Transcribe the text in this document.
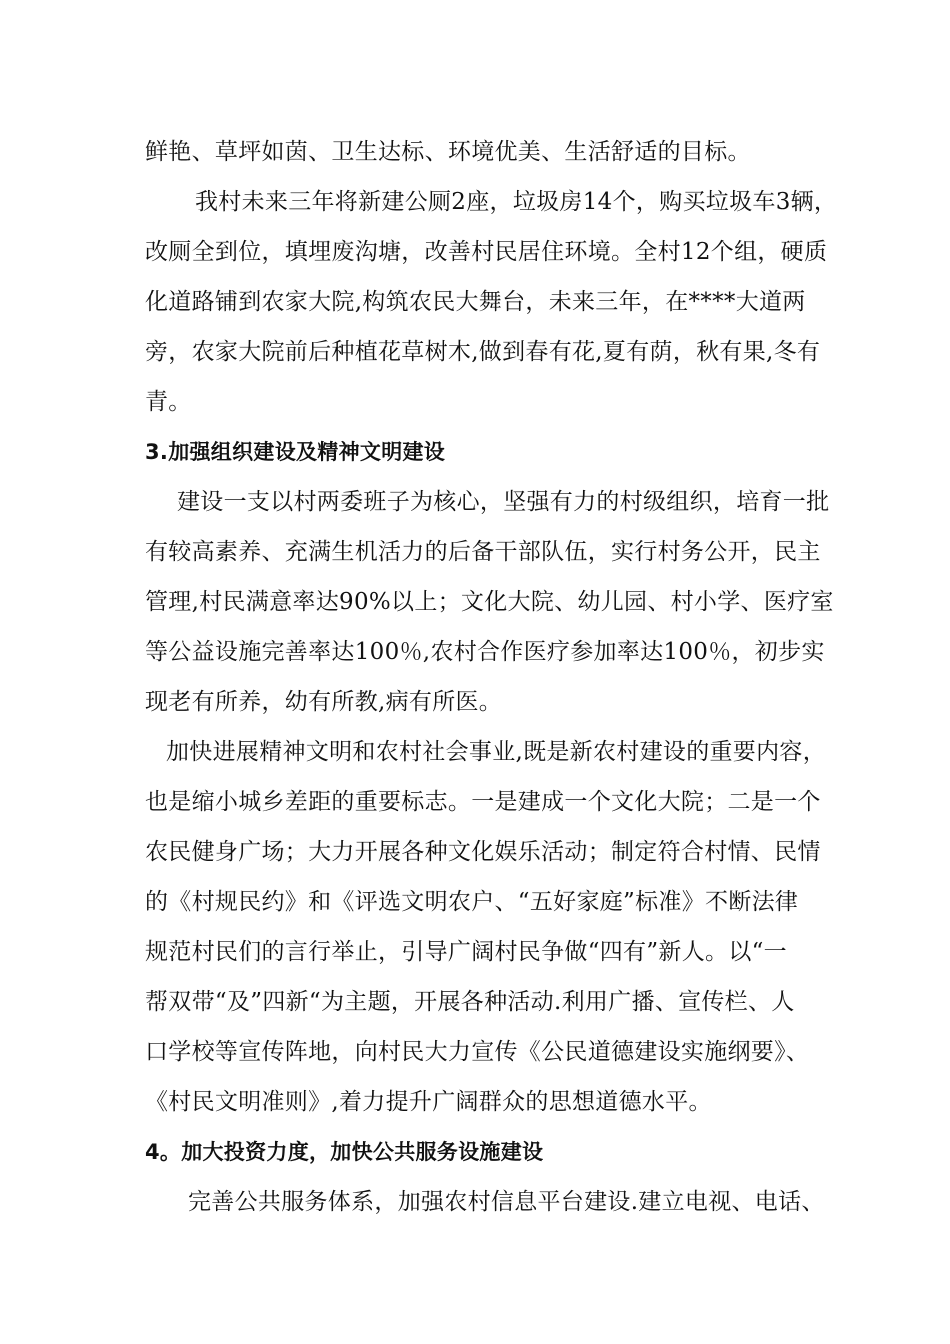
鲜艳、草坪如茵、卫生达标、环境优美、生活舒适的目标。
我村未来三年将新建公厕2座，垃圾房14个，购买垃圾车3辆，
改厕全到位，填埋废沟塘，改善村民居住环境。全村12个组，硬质
化道路铺到农家大院,构筑农民大舞台，未来三年，在****大道两
旁，农家大院前后种植花草树木,做到春有花,夏有荫，秋有果,冬有
青。
3.加强组织建设及精神文明建设
建设一支以村两委班子为核心，坚强有力的村级组织，培育一批
有较高素养、充满生机活力的后备干部队伍，实行村务公开，民主
管理,村民满意率达90%以上；文化大院、幼儿园、村小学、医疗室
等公益设施完善率达100％,农村合作医疗参加率达100％，初步实
现老有所养，幼有所教,病有所医。
加快进展精神文明和农村社会事业,既是新农村建设的重要内容，
也是缩小城乡差距的重要标志。一是建成一个文化大院；二是一个
农民健身广场；大力开展各种文化娱乐活动；制定符合村情、民情
的《村规民约》和《评选文明农户、“五好家庭”标准》不断法律
规范村民们的言行举止，引导广阔村民争做“四有”新人。以“一
帮双带“及”四新“为主题，开展各种活动.利用广播、宣传栏、人
口学校等宣传阵地，向村民大力宣传《公民道德建设实施纲要》、
《村民文明准则》,着力提升广阔群众的思想道德水平。
4。加大投资力度，加快公共服务设施建设
完善公共服务体系，加强农村信息平台建设.建立电视、电话、
